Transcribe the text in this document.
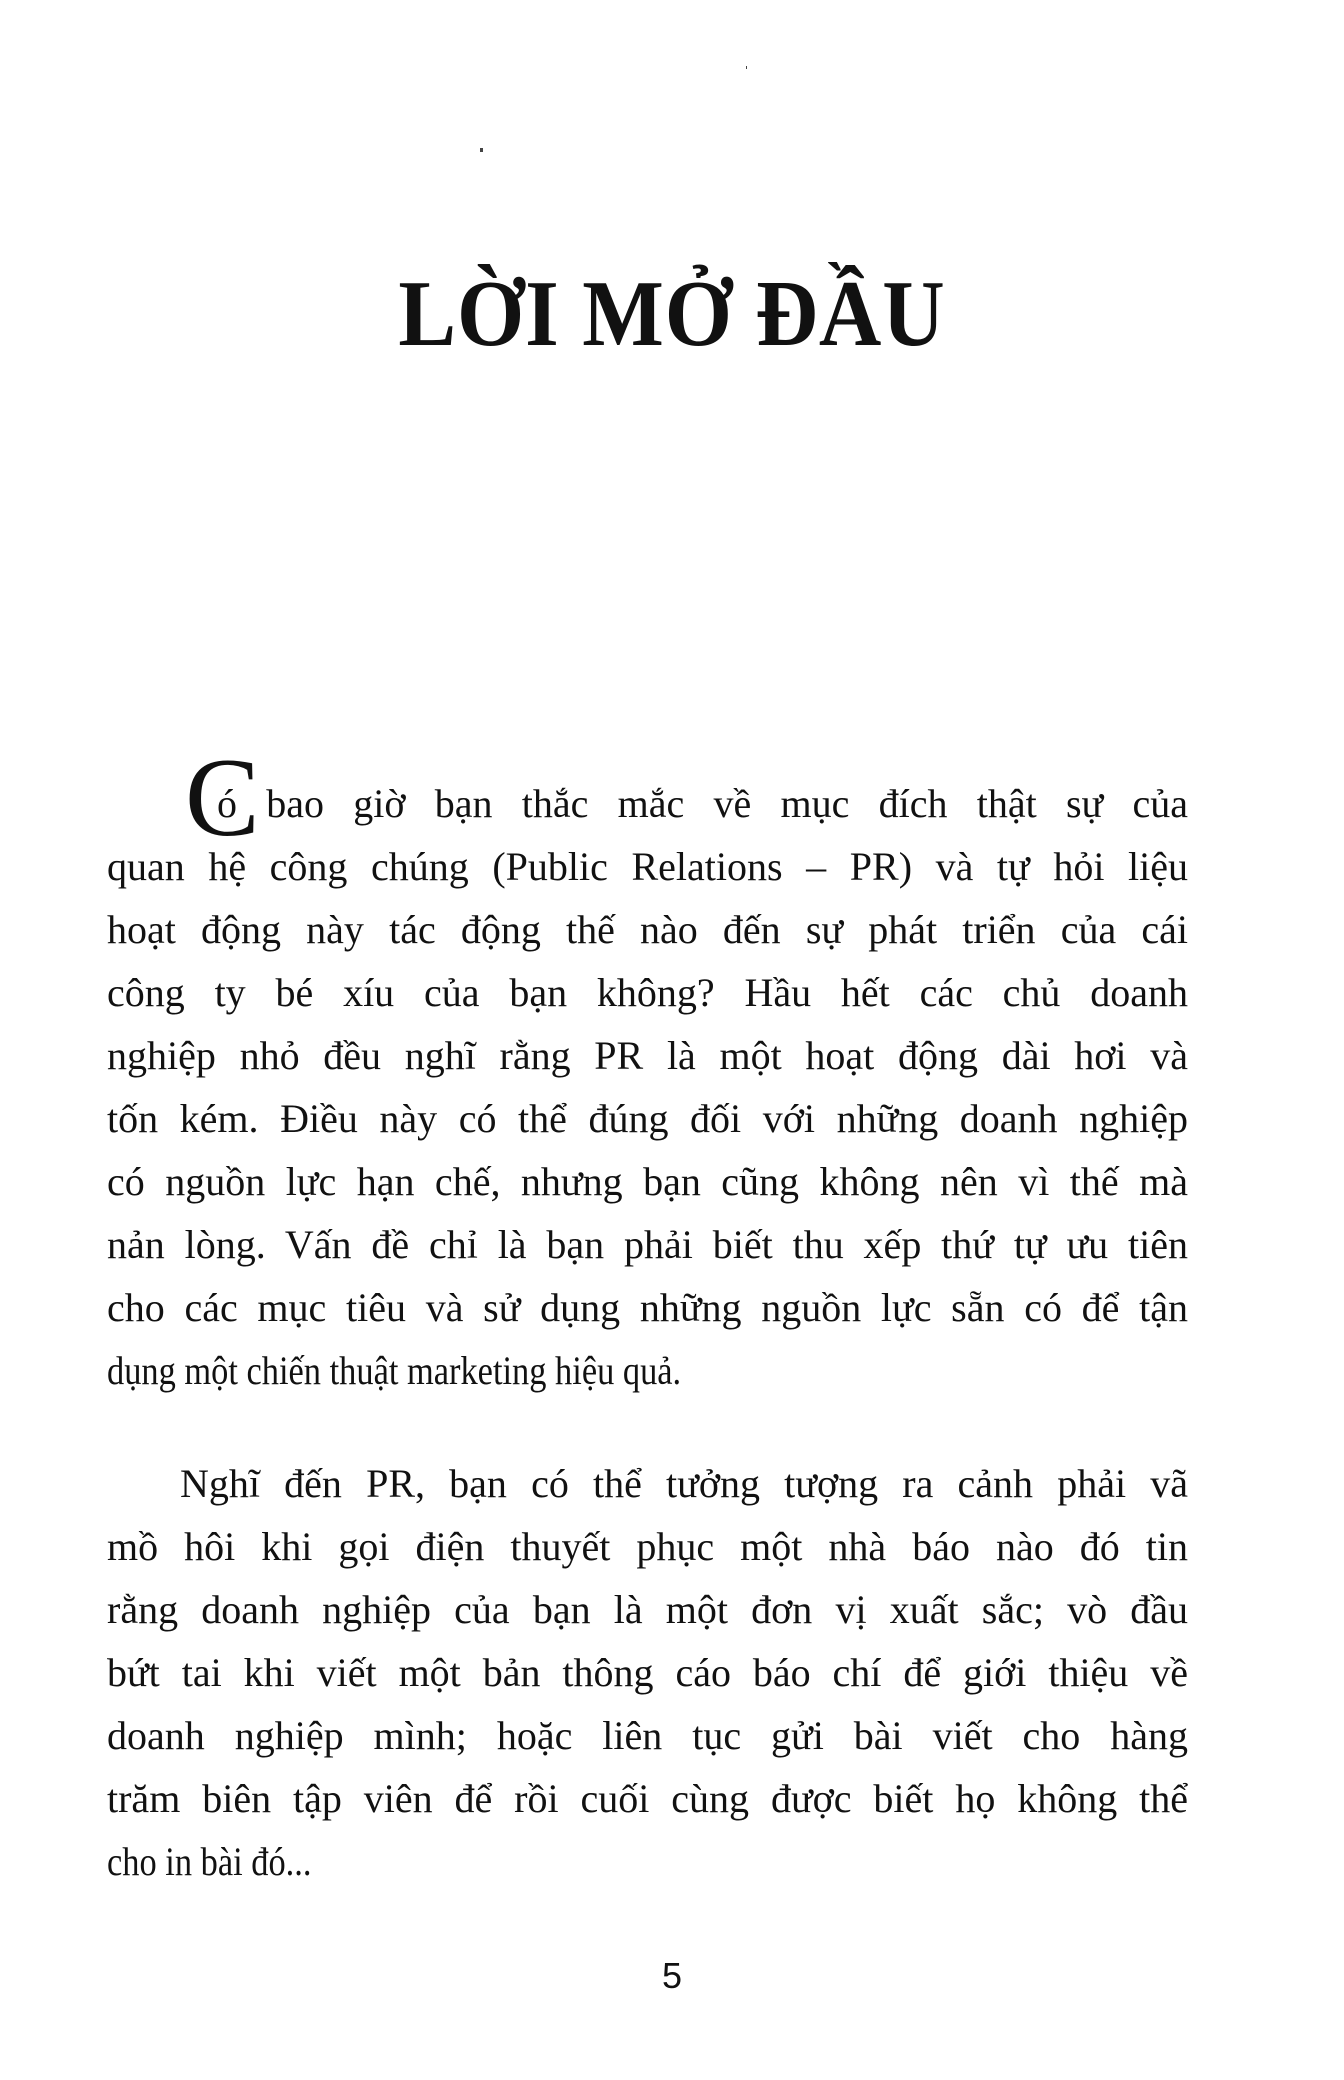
LỜI MỞ ĐẦU
C
ó bao giờ bạn thắc mắc về mục đích thật sự của
quan hệ công chúng (Public Relations – PR) và tự hỏi liệu
hoạt động này tác động thế nào đến sự phát triển của cái
công ty bé xíu của bạn không? Hầu hết các chủ doanh
nghiệp nhỏ đều nghĩ rằng PR là một hoạt động dài hơi và
tốn kém. Điều này có thể đúng đối với những doanh nghiệp
có nguồn lực hạn chế, nhưng bạn cũng không nên vì thế mà
nản lòng. Vấn đề chỉ là bạn phải biết thu xếp thứ tự ưu tiên
cho các mục tiêu và sử dụng những nguồn lực sẵn có để tận
dụng một chiến thuật marketing hiệu quả.
Nghĩ đến PR, bạn có thể tưởng tượng ra cảnh phải vã
mồ hôi khi gọi điện thuyết phục một nhà báo nào đó tin
rằng doanh nghiệp của bạn là một đơn vị xuất sắc; vò đầu
bứt tai khi viết một bản thông cáo báo chí để giới thiệu về
doanh nghiệp mình; hoặc liên tục gửi bài viết cho hàng
trăm biên tập viên để rồi cuối cùng được biết họ không thể
cho in bài đó...
5
